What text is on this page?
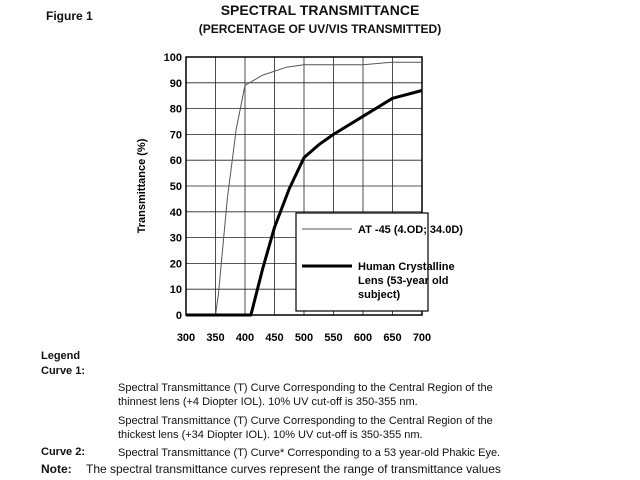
Figure 1	SPECTRAL TRANSMITTANCE
(PERCENTAGE OF UV/VIS TRANSMITTED)
0
10
20
30
40
50
60
70
80
90
100
300 350 400 450 500 550 600 650 700
Transmittance (%)	AT -45 (4.OD; 34.0D)
Human Crystalline
Lens (53-year old
subject)
Legend
Curve 1:
Spectral Transmittance (T) Curve Corresponding to the Central Region of the
thinnest lens (+4 Diopter IOL). 10% UV cut-off is 350-355 nm.
Spectral Transmittance (T) Curve Corresponding to the Central Region of the
thickest lens (+34 Diopter IOL). 10% UV cut-off is 350-355 nm.
Curve 2:	Spectral Transmittance (T) Curve* Corresponding to a 53 year-old Phakic Eye.
Note: The spectral transmittance curves represent the range of transmittance values
